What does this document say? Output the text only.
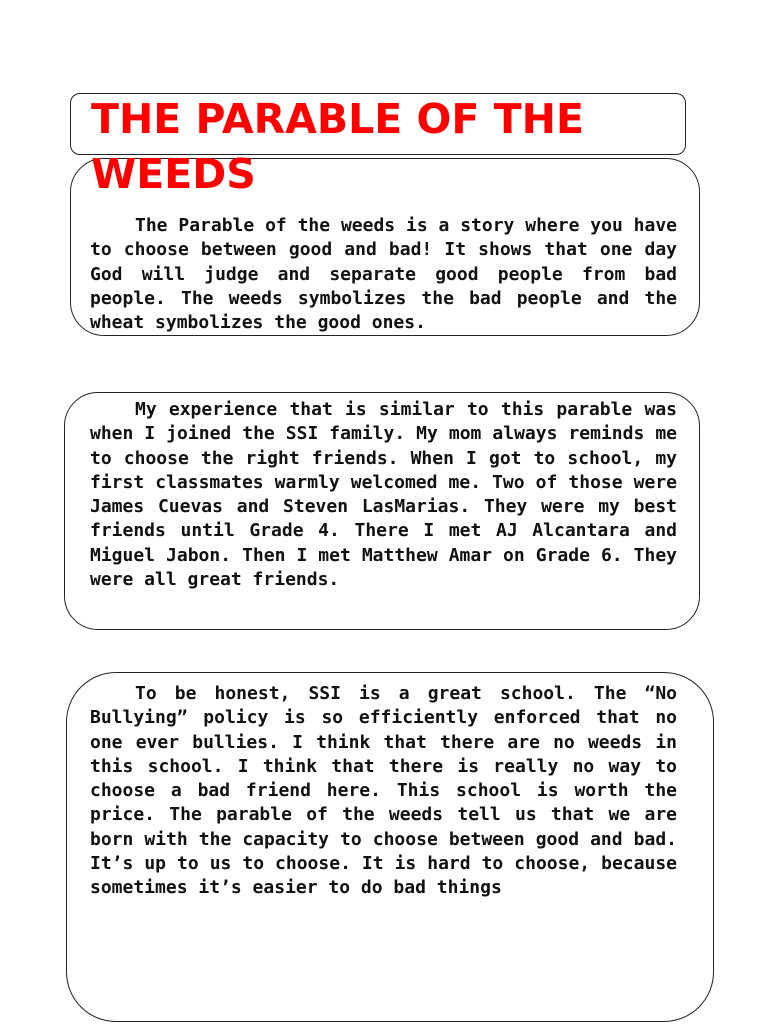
THE PARABLE OF THE WEEDS

The Parable of the weeds is a story where you have to choose between good and bad! It shows that one day God will judge and separate good people from bad people. The weeds symbolizes the bad people and the wheat symbolizes the good ones.

My experience that is similar to this parable was when I joined the SSI family. My mom always reminds me to choose the right friends. When I got to school, my first classmates warmly welcomed me. Two of those were James Cuevas and Steven LasMarias. They were my best friends until Grade 4. There I met AJ Alcantara and Miguel Jabon. Then I met Matthew Amar on Grade 6. They were all great friends.

To be honest, SSI is a great school. The “No Bullying” policy is so efficiently enforced that no one ever bullies. I think that there are no weeds in this school. I think that there is really no way to choose a bad friend here. This school is worth the price. The parable of the weeds tell us that we are born with the capacity to choose between good and bad. It’s up to us to choose. It is hard to choose, because sometimes it’s easier to do bad things
